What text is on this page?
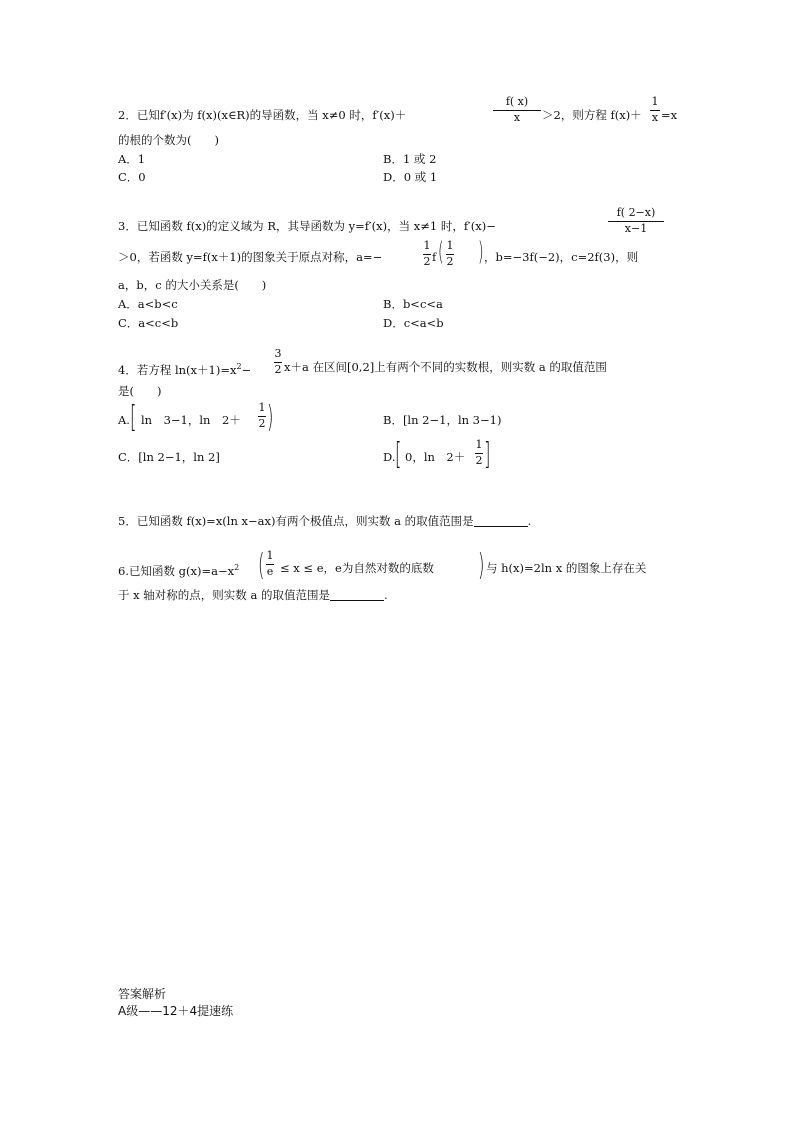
2．已知f′(x)为 f(x)(x∈R)的导函数，当 x≠0 时，f′(x)＋
f( x)
x	＞2，则方程 f(x)＋
1
x =x
的根的个数为(　　)
A．1	B．1 或 2
C．0	D．0 或 1
3．已知函数 f(x)的定义域为 R，其导函数为 y=f′(x)，当 x≠1 时，f′(x)−
f( 2−x)
x−1
＞0，若函数 y=f(x＋1)的图象关于原点对称，a=−
1
2 f ( 1
2 ) ，b=−3f(−2)，c=2f(3)，则
a，b，c 的大小关系是(　　)
A．a<b<c	B．b<c<a
C．a<c<b	D．c<a<b
4．若方程 $\ln(x+1)=x^2-$
3
2 x＋a 在区间[0,2]上有两个不同的实数根，则实数 a 的取值范围
是(　　)
A. [ ln　3−1，ln　2＋
1
2 )	B．[ln 2−1，ln 3−1)
C．[ln 2−1，ln 2]	D. [ 0，ln　2＋
1
2 ]
5．已知函数 f(x)=x(ln x−ax)有两个极值点，则实数 a 的取值范围是	.
6.已知函数 $g(x)=a-x^2$ ( 1
e ≤ x ≤ e，e为自然对数的底数 ) 与 h(x)=2ln x 的图象上存在关
于 x 轴对称的点，则实数 a 的取值范围是	.
答案解析
A级——12＋4提速练
